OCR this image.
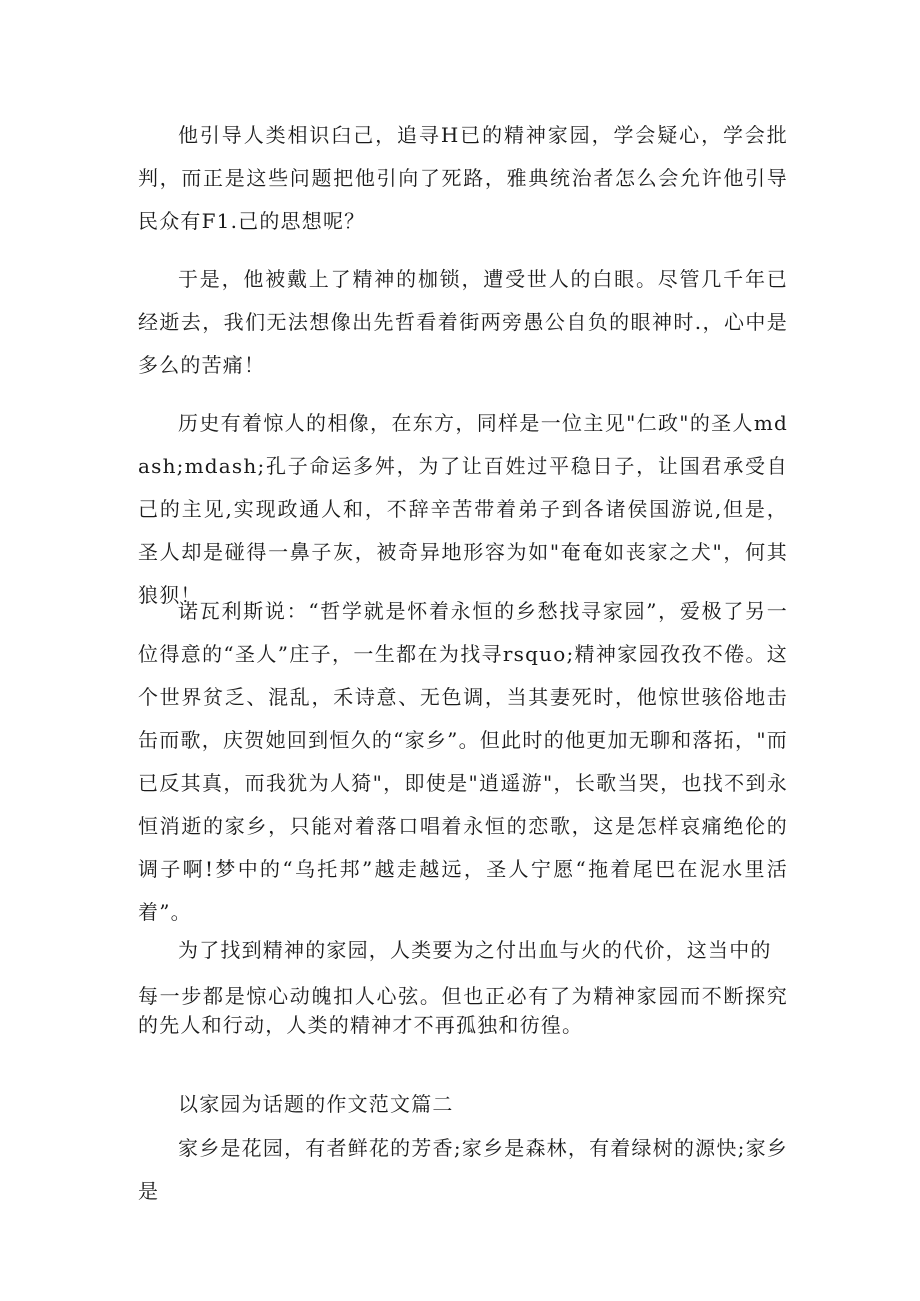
他引导人类相识臼己，追寻H已的精神家园，学会疑心，学会批判，而正是这些问题把他引向了死路，雅典统治者怎么会允许他引导民众有F1.己的思想呢？

于是，他被戴上了精神的枷锁，遭受世人的白眼。尽管几千年已经逝去，我们无法想像出先哲看着街两旁愚公自负的眼神时.，心中是多么的苦痛！

历史有着惊人的相像，在东方，同样是一位主见"仁政"的圣人mdash;mdash;孔子命运多舛，为了让百姓过平稳日子，让国君承受自己的主见,实现政通人和，不辞辛苦带着弟子到各诸侯国游说,但是，圣人却是碰得一鼻子灰，被奇异地形容为如"奄奄如丧家之犬"，何其狼狈！

诺瓦利斯说：“哲学就是怀着永恒的乡愁找寻家园”，爱极了另一位得意的“圣人”庄子，一生都在为找寻rsquo;精神家园孜孜不倦。这个世界贫乏、混乱，禾诗意、无色调，当其妻死时，他惊世骇俗地击缶而歌，庆贺她回到恒久的“家乡”。但此时的他更加无聊和落拓，"而已反其真，而我犹为人猗"，即使是"逍遥游"，长歌当哭，也找不到永恒消逝的家乡，只能对着落口唱着永恒的恋歌，这是怎样哀痛绝伦的调子啊!梦中的“乌托邦”越走越远，圣人宁愿“拖着尾巴在泥水里活着”。

为了找到精神的家园，人类要为之付出血与火的代价，这当中的
每一步都是惊心动魄扣人心弦。但也正必有了为精神家园而不断探究的先人和行动，人类的精神才不再孤独和彷徨。

以家园为话题的作文范文篇二

家乡是花园，有者鲜花的芳香;家乡是森林，有着绿树的源快;家乡是
